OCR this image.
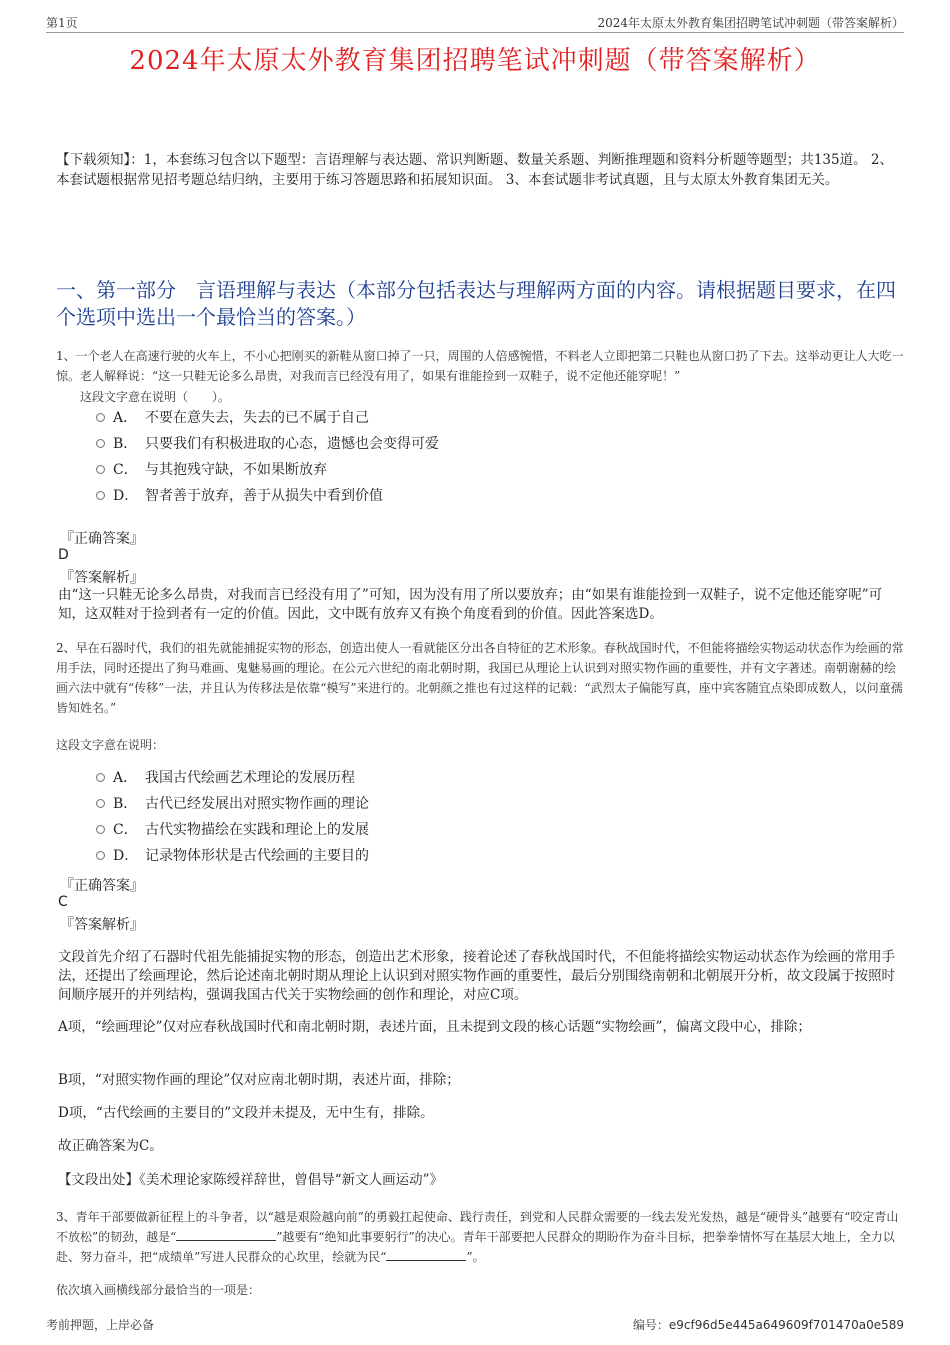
第1页	2024年太原太外教育集团招聘笔试冲刺题（带答案解析）
2024年太原太外教育集团招聘笔试冲刺题（带答案解析）
【下载须知】：1，本套练习包含以下题型：言语理解与表达题、常识判断题、数量关系题、判断推理题和资料分析题等题型；共135道。 2、本套试题根据常见招考题总结归纳，主要用于练习答题思路和拓展知识面。 3、本套试题非考试真题，且与太原太外教育集团无关。
一、第一部分　言语理解与表达（本部分包括表达与理解两方面的内容。请根据题目要求，在四个选项中选出一个最恰当的答案。）
1、一个老人在高速行驶的火车上，不小心把刚买的新鞋从窗口掉了一只，周围的人倍感惋惜，不料老人立即把第二只鞋也从窗口扔了下去。这举动更让人大吃一惊。老人解释说：“这一只鞋无论多么昂贵，对我而言已经没有用了，如果有谁能捡到一双鞋子，说不定他还能穿呢！”
这段文字意在说明（　　）。
A． 不要在意失去，失去的已不属于自己
B． 只要我们有积极进取的心态，遗憾也会变得可爱
C． 与其抱残守缺，不如果断放弃
D． 智者善于放弃，善于从损失中看到价值
『正确答案』
D
『答案解析』
由“这一只鞋无论多么昂贵，对我而言已经没有用了”可知，因为没有用了所以要放弃；由“如果有谁能捡到一双鞋子，说不定他还能穿呢”可知，这双鞋对于捡到者有一定的价值。因此，文中既有放弃又有换个角度看到的价值。因此答案选D。
2、早在石器时代，我们的祖先就能捕捉实物的形态，创造出使人一看就能区分出各自特征的艺术形象。春秋战国时代，不但能将描绘实物运动状态作为绘画的常用手法，同时还提出了狗马难画、鬼魅易画的理论。在公元六世纪的南北朝时期，我国已从理论上认识到对照实物作画的重要性，并有文字著述。南朝谢赫的绘画六法中就有“传移”一法，并且认为传移法是依靠“模写”来进行的。北朝颜之推也有过这样的记载：“武烈太子偏能写真，座中宾客随宜点染即成数人，以问童孺皆知姓名。”
这段文字意在说明：
A． 我国古代绘画艺术理论的发展历程
B． 古代已经发展出对照实物作画的理论
C． 古代实物描绘在实践和理论上的发展
D． 记录物体形状是古代绘画的主要目的
『正确答案』
C
『答案解析』
文段首先介绍了石器时代祖先能捕捉实物的形态，创造出艺术形象，接着论述了春秋战国时代，不但能将描绘实物运动状态作为绘画的常用手法，还提出了绘画理论，然后论述南北朝时期从理论上认识到对照实物作画的重要性，最后分别围绕南朝和北朝展开分析，故文段属于按照时间顺序展开的并列结构，强调我国古代关于实物绘画的创作和理论，对应C项。
A项，“绘画理论”仅对应春秋战国时代和南北朝时期，表述片面，且未提到文段的核心话题“实物绘画”，偏离文段中心，排除；
B项，“对照实物作画的理论”仅对应南北朝时期，表述片面，排除；
D项，“古代绘画的主要目的”文段并未提及，无中生有，排除。
故正确答案为C。
【文段出处】《美术理论家陈绶祥辞世，曾倡导“新文人画运动”》
3、青年干部要做新征程上的斗争者，以“越是艰险越向前”的勇毅扛起使命、践行责任，到党和人民群众需要的一线去发光发热，越是“硬骨头”越要有“咬定青山不放松”的韧劲，越是“	”越要有“绝知此事要躬行”的决心。青年干部要把人民群众的期盼作为奋斗目标，把拳拳情怀写在基层大地上，全力以赴、努力奋斗，把“成绩单”写进人民群众的心坎里，绘就为民“	”。
依次填入画横线部分最恰当的一项是：
考前押题，上岸必备	编号：e9cf96d5e445a649609f701470a0e589
